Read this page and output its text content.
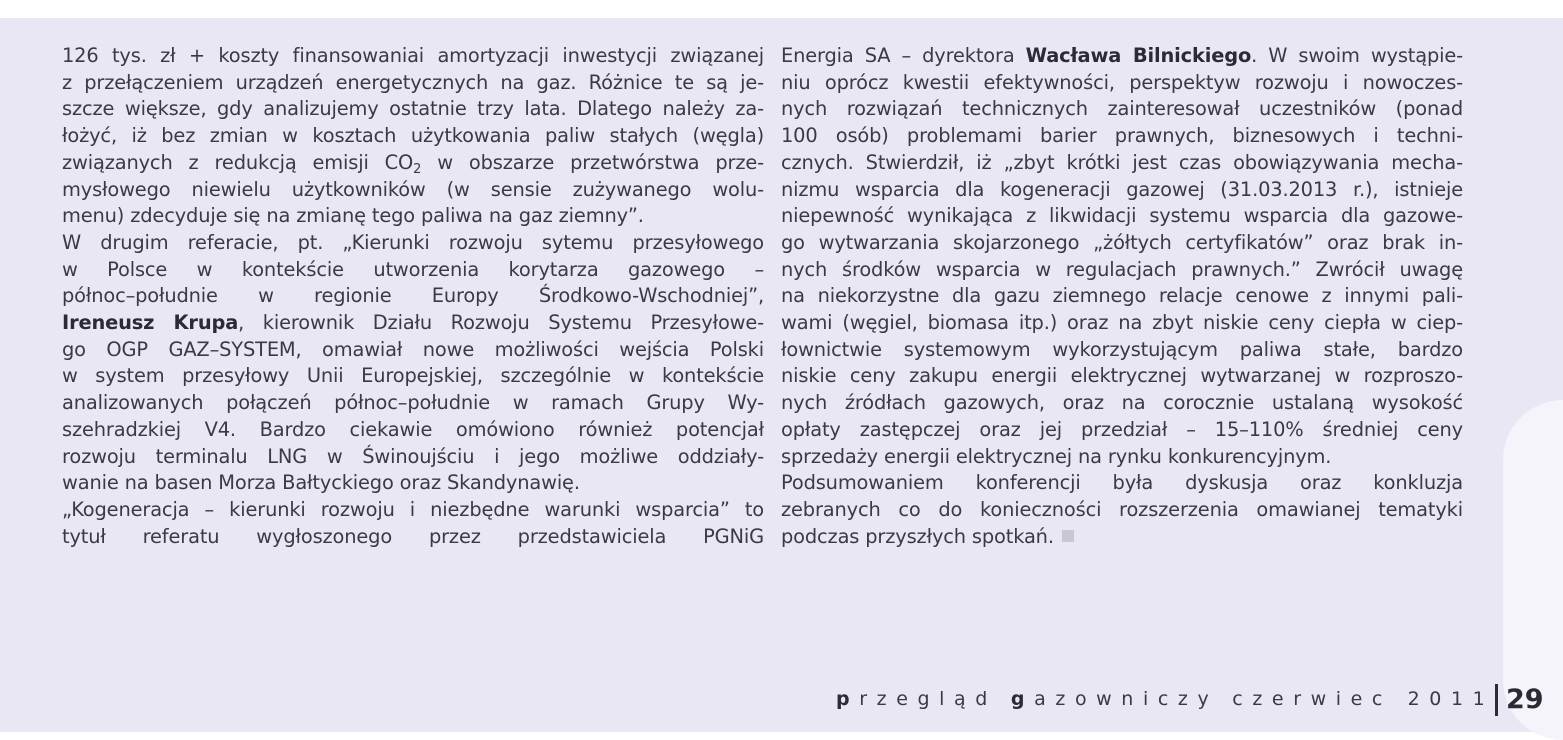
126 tys. zł + koszty finansowaniai amortyzacji inwestycji związanej
z przełączeniem urządzeń energetycznych na gaz. Różnice te są je-
szcze większe, gdy analizujemy ostatnie trzy lata. Dlatego należy za-
łożyć, iż bez zmian w kosztach użytkowania paliw stałych (węgla)
związanych z redukcją emisji $CO_2$ w obszarze przetwórstwa prze-
mysłowego niewielu użytkowników (w sensie zużywanego wolu-
menu) zdecyduje się na zmianę tego paliwa na gaz ziemny”.
W drugim referacie, pt. „Kierunki rozwoju sytemu przesyłowego
w Polsce w kontekście utworzenia korytarza gazowego –
północ–południe w regionie Europy Środkowo-Wschodniej”,
Ireneusz Krupa, kierownik Działu Rozwoju Systemu Przesyłowe-
go OGP GAZ–SYSTEM, omawiał nowe możliwości wejścia Polski
w system przesyłowy Unii Europejskiej, szczególnie w kontekście
analizowanych połączeń północ–południe w ramach Grupy Wy-
szehradzkiej V4. Bardzo ciekawie omówiono również potencjał
rozwoju terminalu LNG w Świnoujściu i jego możliwe oddziały-
wanie na basen Morza Bałtyckiego oraz Skandynawię.
„Kogeneracja – kierunki rozwoju i niezbędne warunki wsparcia” to
tytuł referatu wygłoszonego przez przedstawiciela PGNiG
Energia SA – dyrektora Wacława Bilnickiego. W swoim wystąpie-
niu oprócz kwestii efektywności, perspektyw rozwoju i nowoczes-
nych rozwiązań technicznych zainteresował uczestników (ponad
100 osób) problemami barier prawnych, biznesowych i techni-
cznych. Stwierdził, iż „zbyt krótki jest czas obowiązywania mecha-
nizmu wsparcia dla kogeneracji gazowej (31.03.2013 r.), istnieje
niepewność wynikająca z likwidacji systemu wsparcia dla gazowe-
go wytwarzania skojarzonego „żółtych certyfikatów” oraz brak in-
nych środków wsparcia w regulacjach prawnych.” Zwrócił uwagę
na niekorzystne dla gazu ziemnego relacje cenowe z innymi pali-
wami (węgiel, biomasa itp.) oraz na zbyt niskie ceny ciepła w ciep-
łownictwie systemowym wykorzystującym paliwa stałe, bardzo
niskie ceny zakupu energii elektrycznej wytwarzanej w rozproszo-
nych źródłach gazowych, oraz na corocznie ustalaną wysokość
opłaty zastępczej oraz jej przedział – 15–110% średniej ceny
sprzedaży energii elektrycznej na rynku konkurencyjnym.
Podsumowaniem konferencji była dyskusja oraz konkluzja
zebranych co do konieczności rozszerzenia omawianej tematyki
podczas przyszłych spotkań.
przegląd gazowniczy czerwiec 2011 29
